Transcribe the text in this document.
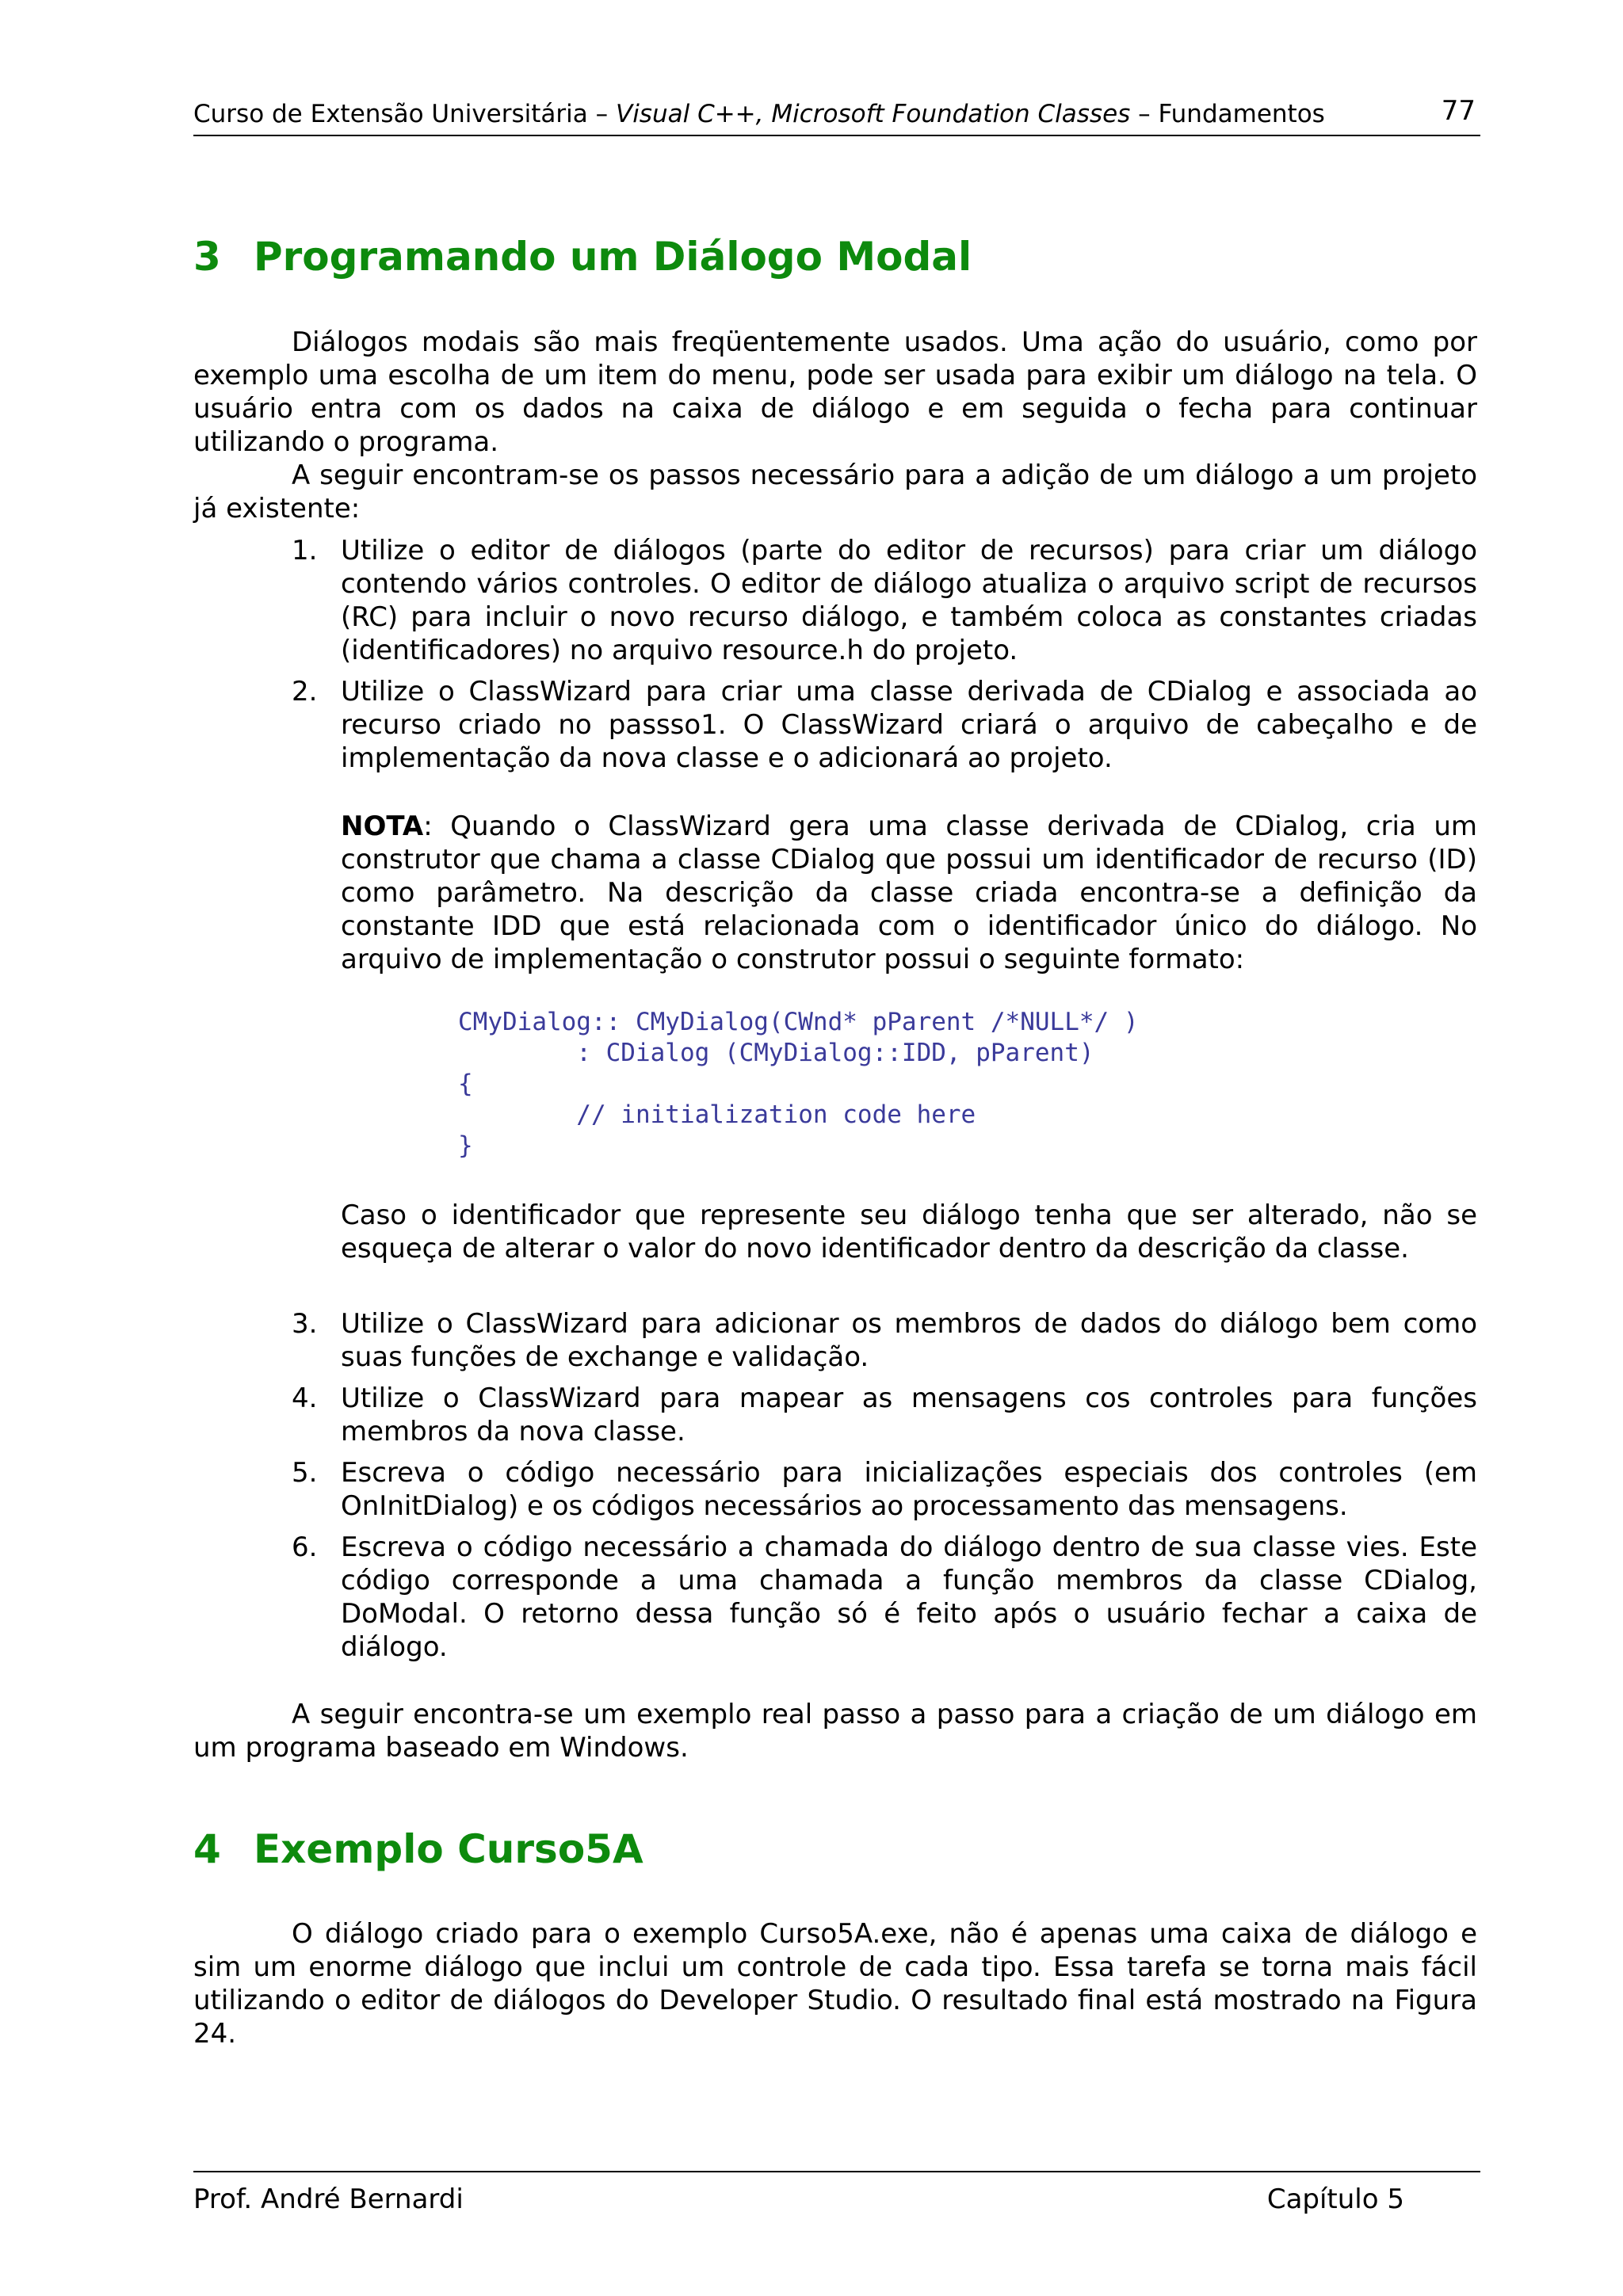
Curso de Extensão Universitária – Visual C++, Microsoft Foundation Classes – Fundamentos	77
3 Programando um Diálogo Modal

Diálogos modais são mais freqüentemente usados. Uma ação do usuário, como por exemplo uma escolha de um item do menu, pode ser usada para exibir um diálogo na tela. O usuário entra com os dados na caixa de diálogo e em seguida o fecha para continuar utilizando o programa.

A seguir encontram-se os passos necessário para a adição de um diálogo a um projeto já existente:

1. Utilize o editor de diálogos (parte do editor de recursos) para criar um diálogo contendo vários controles. O editor de diálogo atualiza o arquivo script de recursos (RC) para incluir o novo recurso diálogo, e também coloca as constantes criadas (identificadores) no arquivo resource.h do projeto.

2. Utilize o ClassWizard para criar uma classe derivada de CDialog e associada ao recurso criado no passso1. O ClassWizard criará o arquivo de cabeçalho e de implementação da nova classe e o adicionará ao projeto.

NOTA: Quando o ClassWizard gera uma classe derivada de CDialog, cria um construtor que chama a classe CDialog que possui um identificador de recurso (ID) como parâmetro. Na descrição da classe criada encontra-se a definição da constante IDD que está relacionada com o identificador único do diálogo. No arquivo de implementação o construtor possui o seguinte formato:
CMyDialog:: CMyDialog(CWnd* pParent /*NULL*/ )
: CDialog (CMyDialog::IDD, pParent)
{
// initialization code here
}
Caso o identificador que represente seu diálogo tenha que ser alterado, não se esqueça de alterar o valor do novo identificador dentro da descrição da classe.

3. Utilize o ClassWizard para adicionar os membros de dados do diálogo bem como suas funções de exchange e validação.

4. Utilize o ClassWizard para mapear as mensagens cos controles para funções membros da nova classe.

5. Escreva o código necessário para inicializações especiais dos controles (em OnInitDialog) e os códigos necessários ao processamento das mensagens.

6. Escreva o código necessário a chamada do diálogo dentro de sua classe vies. Este código corresponde a uma chamada a função membros da classe CDialog, DoModal. O retorno dessa função só é feito após o usuário fechar a caixa de diálogo.

A seguir encontra-se um exemplo real passo a passo para a criação de um diálogo em um programa baseado em Windows.

4 Exemplo Curso5A

O diálogo criado para o exemplo Curso5A.exe, não é apenas uma caixa de diálogo e sim um enorme diálogo que inclui um controle de cada tipo. Essa tarefa se torna mais fácil utilizando o editor de diálogos do Developer Studio. O resultado final está mostrado na Figura 24.

Prof. André Bernardi	Capítulo 5
